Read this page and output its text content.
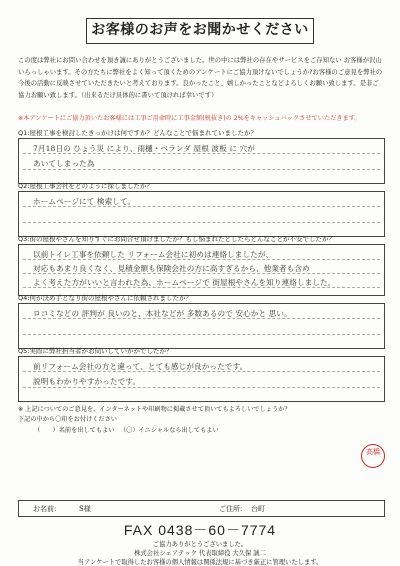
お客様のお声をお聞かせください
この度は弊社にお問い合わせを頂き誠にありがとうございました。世の中には弊社の存在やサービスをご存知ない お客様が沢山いらっしゃいます。その方たちに弊社をよく知って頂くためのアンケートにご協力頂けないでしょうか?お客様のご意見を弊社の今後の活動に反映させていただきたいと考えております。良かったこと、嬉しかったことなどよろしくお願い致します。是非ご協力お願い致します。（出来るだけ具体的に書いて頂ければ幸いです）
※本アンケートにご協力頂いたお客様には工事ご用命時に工事金額(税抜き)の 2%をキャッシュバックさせていただきます。
Q1:屋根工事を検討したきっかけは何ですか？どんなことで悩まれていましたか？
7月18日の ひょう災 により、雨樋・ベランダ 屋根 波板 に 穴が
あいてしまった為
Q2:屋根工事会社をどのように探しましたか？
ホームページにて 検索して。
Q3:街の屋根やさんを知りすぐにお問合せ頂けましたか？もし悩まれたとしたらどんなことが不安でしたか？
以前トイレ工事を依頼した リフォーム会社に初めは連絡しましたが、
対応もあまり良くなく、見積金額も保険会社の方に高すぎるから、他業者も含め
よく考えた方がいいと言われた為、ホームページで 街屋根やさんを知り連絡しました。
Q4:何が決め手となり街の屋根やさんに依頼されましたか？
ロコミなどの 評判が 良いのと、本社などが 多数あるので 安心かと 思い。
Q5:実際に弊社担当者がお伺いしていかがでしたか？
前リフォーム会社の方と違って、とても感じが良かったです。
説明もわかりやすかったです。
※ 上記についてのご意見を、インターネットや印刷物に掲載させて頂いてもよろしいでしょうか？
下記の中から〇印をお付けください
（　　）名前を出してもよい （〇）イニシャルなら出してもよい
高橋
お名前:	S様	ご住所: 台町
FAX 0438－60－7774
ご協力ありがとうございました。
株式会社シェアテック 代表取締役 大久保 誠二
当アンケートで取得したお客様の個人情報は関係法規に基づき厳正に管理いたします。
